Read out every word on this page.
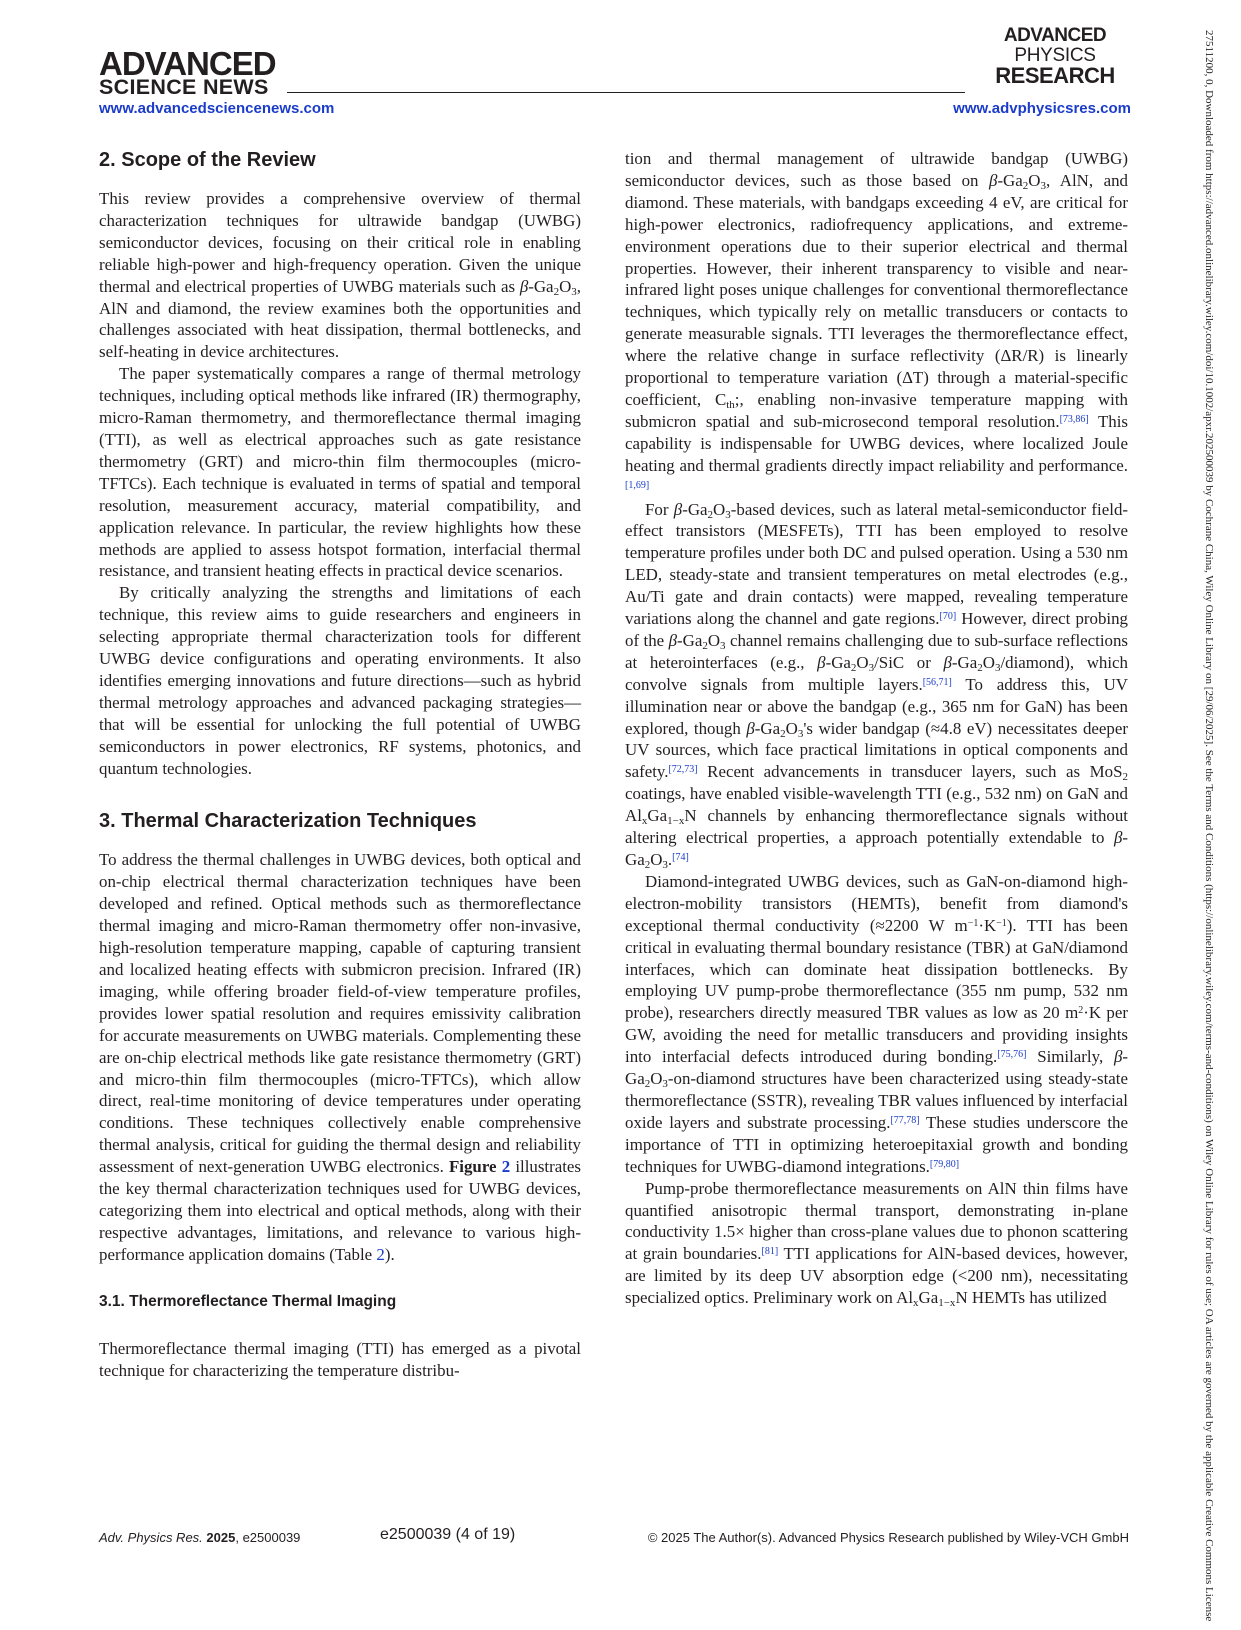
ADVANCED
SCIENCE NEWS
ADVANCED
PHYSICS
RESEARCH
www.advancedsciencenews.com	www.advphysicsres.com	27511200, 0, Downloaded from https://advanced.onlinelibrary.wiley.com/doi/10.1002/apxr.202500039 by Cochrane China, Wiley Online Library on [29/06/2025]. See the Terms and Conditions (https://onlinelibrary.wiley.com/terms-and-conditions) on Wiley Online Library for rules of use; OA articles are governed by the applicable Creative Commons License
2. Scope of the Review

This review provides a comprehensive overview of thermal characterization techniques for ultrawide bandgap (UWBG) semiconductor devices, focusing on their critical role in enabling reliable high-power and high-frequency operation. Given the unique thermal and electrical properties of UWBG materials such as $\beta-Ga_2O_3$, AlN and diamond, the review examines both the opportunities and challenges associated with heat dissipation, thermal bottlenecks, and self-heating in device architectures.

The paper systematically compares a range of thermal metrology techniques, including optical methods like infrared (IR) thermography, micro-Raman thermometry, and thermoreflectance thermal imaging (TTI), as well as electrical approaches such as gate resistance thermometry (GRT) and micro-thin film thermocouples (micro-TFTCs). Each technique is evaluated in terms of spatial and temporal resolution, measurement accuracy, material compatibility, and application relevance. In particular, the review highlights how these methods are applied to assess hotspot formation, interfacial thermal resistance, and transient heating effects in practical device scenarios.

By critically analyzing the strengths and limitations of each technique, this review aims to guide researchers and engineers in selecting appropriate thermal characterization tools for different UWBG device configurations and operating environments. It also identifies emerging innovations and future directions—such as hybrid thermal metrology approaches and advanced packaging strategies—that will be essential for unlocking the full potential of UWBG semiconductors in power electronics, RF systems, photonics, and quantum technologies.

3. Thermal Characterization Techniques

To address the thermal challenges in UWBG devices, both optical and on-chip electrical thermal characterization techniques have been developed and refined. Optical methods such as thermoreflectance thermal imaging and micro-Raman thermometry offer non-invasive, high-resolution temperature mapping, capable of capturing transient and localized heating effects with submicron precision. Infrared (IR) imaging, while offering broader field-of-view temperature profiles, provides lower spatial resolution and requires emissivity calibration for accurate measurements on UWBG materials. Complementing these are on-chip electrical methods like gate resistance thermometry (GRT) and micro-thin film thermocouples (micro-TFTCs), which allow direct, real-time monitoring of device temperatures under operating conditions. These techniques collectively enable comprehensive thermal analysis, critical for guiding the thermal design and reliability assessment of next-generation UWBG electronics. Figure 2 illustrates the key thermal characterization techniques used for UWBG devices, categorizing them into electrical and optical methods, along with their respective advantages, limitations, and relevance to various high-performance application domains (Table 2).

3.1. Thermoreflectance Thermal Imaging

Thermoreflectance thermal imaging (TTI) has emerged as a pivotal technique for characterizing the temperature distribu-

tion and thermal management of ultrawide bandgap (UWBG) semiconductor devices, such as those based on $\beta-Ga_2O_3$, AlN, and diamond. These materials, with bandgaps exceeding 4 eV, are critical for high-power electronics, radiofrequency applications, and extreme-environment operations due to their superior electrical and thermal properties. However, their inherent transparency to visible and near-infrared light poses unique challenges for conventional thermoreflectance techniques, which typically rely on metallic transducers or contacts to generate measurable signals. TTI leverages the thermoreflectance effect, where the relative change in surface reflectivity (ΔR/R) is linearly proportional to temperature variation (ΔT) through a material-specific coefficient, $C_{th}$;, enabling non-invasive temperature mapping with submicron spatial and sub-microsecond temporal resolution.[73,86] This capability is indispensable for UWBG devices, where localized Joule heating and thermal gradients directly impact reliability and performance.[1,69]

For $\beta-Ga_2O_3$-based devices, such as lateral metal-semiconductor field-effect transistors (MESFETs), TTI has been employed to resolve temperature profiles under both DC and pulsed operation. Using a 530 nm LED, steady-state and transient temperatures on metal electrodes (e.g., Au/Ti gate and drain contacts) were mapped, revealing temperature variations along the channel and gate regions.[70] However, direct probing of the $\beta-Ga_2O_3$ channel remains challenging due to sub-surface reflections at heterointerfaces (e.g., $\beta-Ga_2O_3$/SiC or $\beta-Ga_2O_3/diamond$), which convolve signals from multiple layers.[56,71] To address this, UV illumination near or above the bandgap (e.g., 365 nm for GaN) has been explored, though $\beta-Ga_2O_3's$ wider bandgap (≈4.8 eV) necessitates deeper UV sources, which face practical limitations in optical components and safety.[72,73] Recent advancements in transducer layers, such as MoS$_2$ coatings, have enabled visible-wavelength TTI (e.g., 532 nm) on GaN and $Al_xGa_{1-x}N$ channels by enhancing thermoreflectance signals without altering electrical properties, a approach potentially extendable to $\beta-Ga_2O_3.[74]$

Diamond-integrated UWBG devices, such as GaN-on-diamond high-electron-mobility transistors (HEMTs), benefit from diamond's exceptional thermal conductivity (≈2200 W $m^{-1}\cdot K^{-1}$). TTI has been critical in evaluating thermal boundary resistance (TBR) at GaN/diamond interfaces, which can dominate heat dissipation bottlenecks. By employing UV pump-probe thermoreflectance (355 nm pump, 532 nm probe), researchers directly measured TBR values as low as 20 $m^2\cdot K$ per GW, avoiding the need for metallic transducers and providing insights into interfacial defects introduced during bonding.[75,76] Similarly, $\beta-Ga_2O_3-on$-diamond structures have been characterized using steady-state thermoreflectance (SSTR), revealing TBR values influenced by interfacial oxide layers and substrate processing.[77,78] These studies underscore the importance of TTI in optimizing heteroepitaxial growth and bonding techniques for UWBG-diamond integrations.[79,80]

Pump-probe thermoreflectance measurements on AlN thin films have quantified anisotropic thermal transport, demonstrating in-plane conductivity 1.5× higher than cross-plane values due to phonon scattering at grain boundaries.[81] TTI applications for AlN-based devices, however, are limited by its deep UV absorption edge (<200 nm), necessitating specialized optics. Preliminary work on $Al_xGa_{1-x}N$ HEMTs has utilized

Adv. Physics Res. 2025, e2500039	e2500039 (4 of 19)	© 2025 The Author(s). Advanced Physics Research published by Wiley-VCH GmbH
